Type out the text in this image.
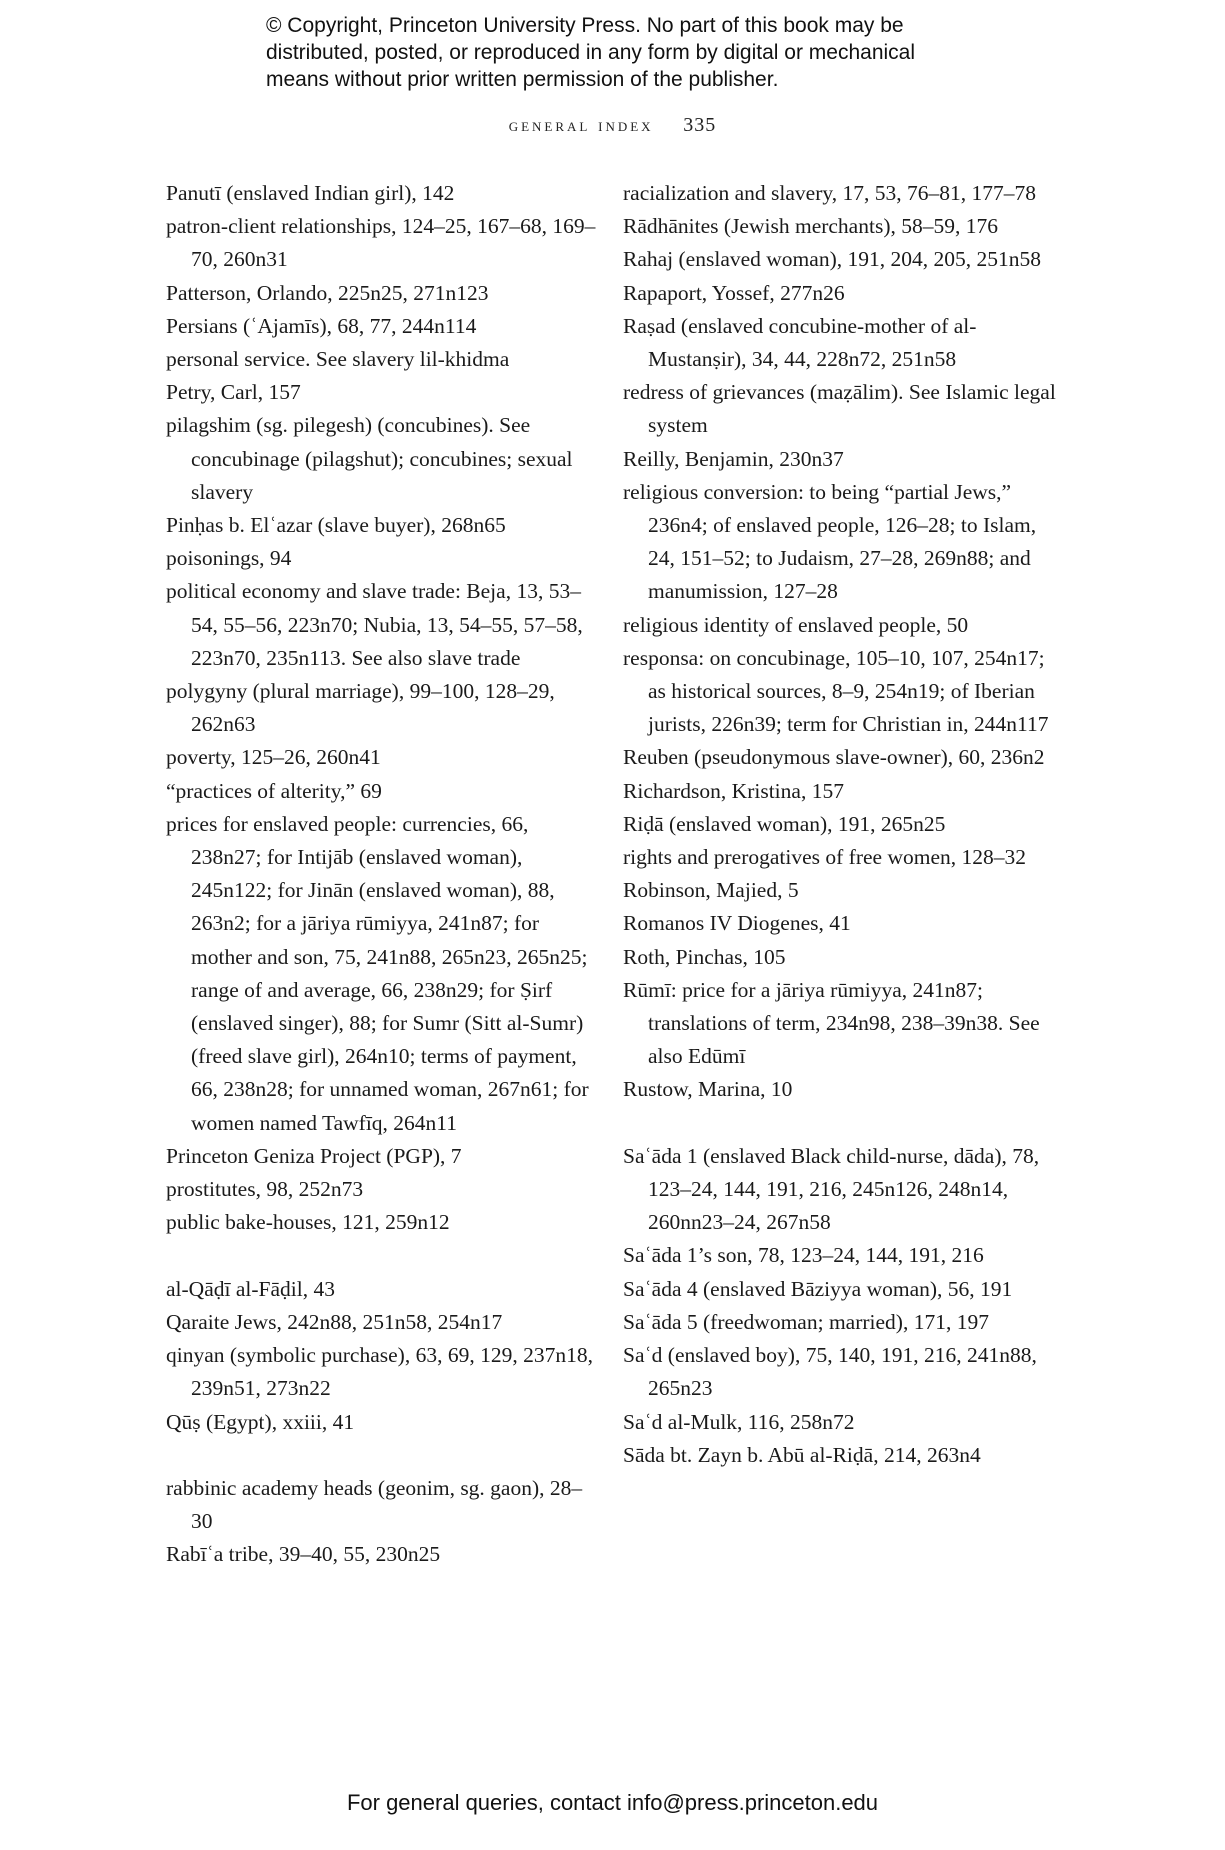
© Copyright, Princeton University Press. No part of this book may be
distributed, posted, or reproduced in any form by digital or mechanical
means without prior written permission of the publisher.
general index 335

Panutī (enslaved Indian girl), 142

patron-client relationships, 124–25, 167–68, 169–70, 260n31

Patterson, Orlando, 225n25, 271n123

Persians (ʿAjamīs), 68, 77, 244n114

personal service. See slavery lil-khidma

Petry, Carl, 157

pilagshim (sg. pilegesh) (concubines). See concubinage (pilagshut); concubines; sexual slavery

Pinḥas b. Elʿazar (slave buyer), 268n65

poisonings, 94

political economy and slave trade: Beja, 13, 53–54, 55–56, 223n70; Nubia, 13, 54–55, 57–58, 223n70, 235n113. See also slave trade

polygyny (plural marriage), 99–100, 128–29, 262n63

poverty, 125–26, 260n41

“practices of alterity,” 69

prices for enslaved people: currencies, 66, 238n27; for Intijāb (enslaved woman), 245n122; for Jinān (enslaved woman), 88, 263n2; for a jāriya rūmiyya, 241n87; for mother and son, 75, 241n88, 265n23, 265n25; range of and average, 66, 238n29; for Ṣirf (enslaved singer), 88; for Sumr (Sitt al-Sumr) (freed slave girl), 264n10; terms of payment, 66, 238n28; for unnamed woman, 267n61; for women named Tawfīq, 264n11

Princeton Geniza Project (PGP), 7

prostitutes, 98, 252n73

public bake-houses, 121, 259n12

al-Qāḍī al-Fāḍil, 43

Qaraite Jews, 242n88, 251n58, 254n17

qinyan (symbolic purchase), 63, 69, 129, 237n18, 239n51, 273n22

Qūṣ (Egypt), xxiii, 41

rabbinic academy heads (geonim, sg. gaon), 28–30

Rabīʿa tribe, 39–40, 55, 230n25

racialization and slavery, 17, 53, 76–81, 177–78

Rādhānites (Jewish merchants), 58–59, 176

Rahaj (enslaved woman), 191, 204, 205, 251n58

Rapaport, Yossef, 277n26

Raṣad (enslaved concubine-mother of al-Mustanṣir), 34, 44, 228n72, 251n58

redress of grievances (maẓālim). See Islamic legal system

Reilly, Benjamin, 230n37

religious conversion: to being “partial Jews,” 236n4; of enslaved people, 126–28; to Islam, 24, 151–52; to Judaism, 27–28, 269n88; and manumission, 127–28

religious identity of enslaved people, 50

responsa: on concubinage, 105–10, 107, 254n17; as historical sources, 8–9, 254n19; of Iberian jurists, 226n39; term for Christian in, 244n117

Reuben (pseudonymous slave-owner), 60, 236n2

Richardson, Kristina, 157

Riḍā (enslaved woman), 191, 265n25

rights and prerogatives of free women, 128–32

Robinson, Majied, 5

Romanos IV Diogenes, 41

Roth, Pinchas, 105

Rūmī: price for a jāriya rūmiyya, 241n87; translations of term, 234n98, 238–39n38. See also Edūmī

Rustow, Marina, 10

Saʿāda 1 (enslaved Black child-nurse, dāda), 78, 123–24, 144, 191, 216, 245n126, 248n14, 260nn23–24, 267n58

Saʿāda 1’s son, 78, 123–24, 144, 191, 216

Saʿāda 4 (enslaved Bāziyya woman), 56, 191

Saʿāda 5 (freedwoman; married), 171, 197

Saʿd (enslaved boy), 75, 140, 191, 216, 241n88, 265n23

Saʿd al-Mulk, 116, 258n72

Sāda bt. Zayn b. Abū al-Riḍā, 214, 263n4

For general queries, contact info@press.princeton.edu
